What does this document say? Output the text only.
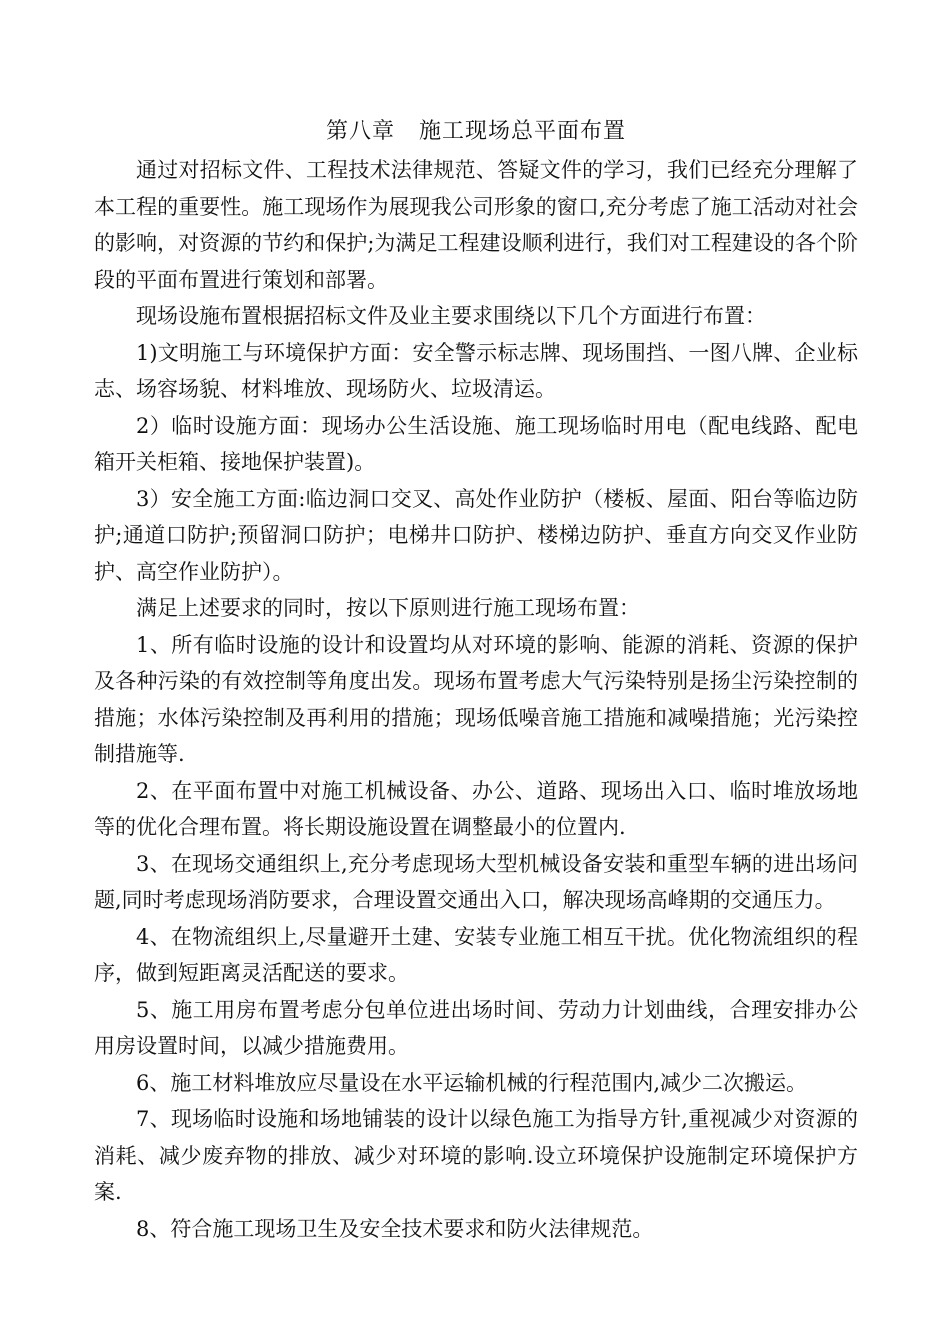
第八章   施工现场总平面布置

通过对招标文件、工程技术法律规范、答疑文件的学习，我们已经充分理解了本工程的重要性。施工现场作为展现我公司形象的窗口,充分考虑了施工活动对社会的影响，对资源的节约和保护;为满足工程建设顺利进行，我们对工程建设的各个阶段的平面布置进行策划和部署。

现场设施布置根据招标文件及业主要求围绕以下几个方面进行布置：

1)文明施工与环境保护方面：安全警示标志牌、现场围挡、一图八牌、企业标志、场容场貌、材料堆放、现场防火、垃圾清运。

2）临时设施方面：现场办公生活设施、施工现场临时用电（配电线路、配电箱开关柜箱、接地保护装置)。

3）安全施工方面:临边洞口交叉、高处作业防护（楼板、屋面、阳台等临边防护;通道口防护;预留洞口防护；电梯井口防护、楼梯边防护、垂直方向交叉作业防护、高空作业防护）。

满足上述要求的同时，按以下原则进行施工现场布置：

1、所有临时设施的设计和设置均从对环境的影响、能源的消耗、资源的保护及各种污染的有效控制等角度出发。现场布置考虑大气污染特别是扬尘污染控制的措施；水体污染控制及再利用的措施；现场低噪音施工措施和减噪措施；光污染控制措施等.

2、在平面布置中对施工机械设备、办公、道路、现场出入口、临时堆放场地等的优化合理布置。将长期设施设置在调整最小的位置内.

3、在现场交通组织上,充分考虑现场大型机械设备安装和重型车辆的进出场问题,同时考虑现场消防要求，合理设置交通出入口，解决现场高峰期的交通压力。

4、在物流组织上,尽量避开土建、安装专业施工相互干扰。优化物流组织的程序，做到短距离灵活配送的要求。

5、施工用房布置考虑分包单位进出场时间、劳动力计划曲线，合理安排办公用房设置时间，以减少措施费用。

6、施工材料堆放应尽量设在水平运输机械的行程范围内,减少二次搬运。

7、现场临时设施和场地铺装的设计以绿色施工为指导方针,重视减少对资源的消耗、减少废弃物的排放、减少对环境的影响.设立环境保护设施制定环境保护方案.

8、符合施工现场卫生及安全技术要求和防火法律规范。
